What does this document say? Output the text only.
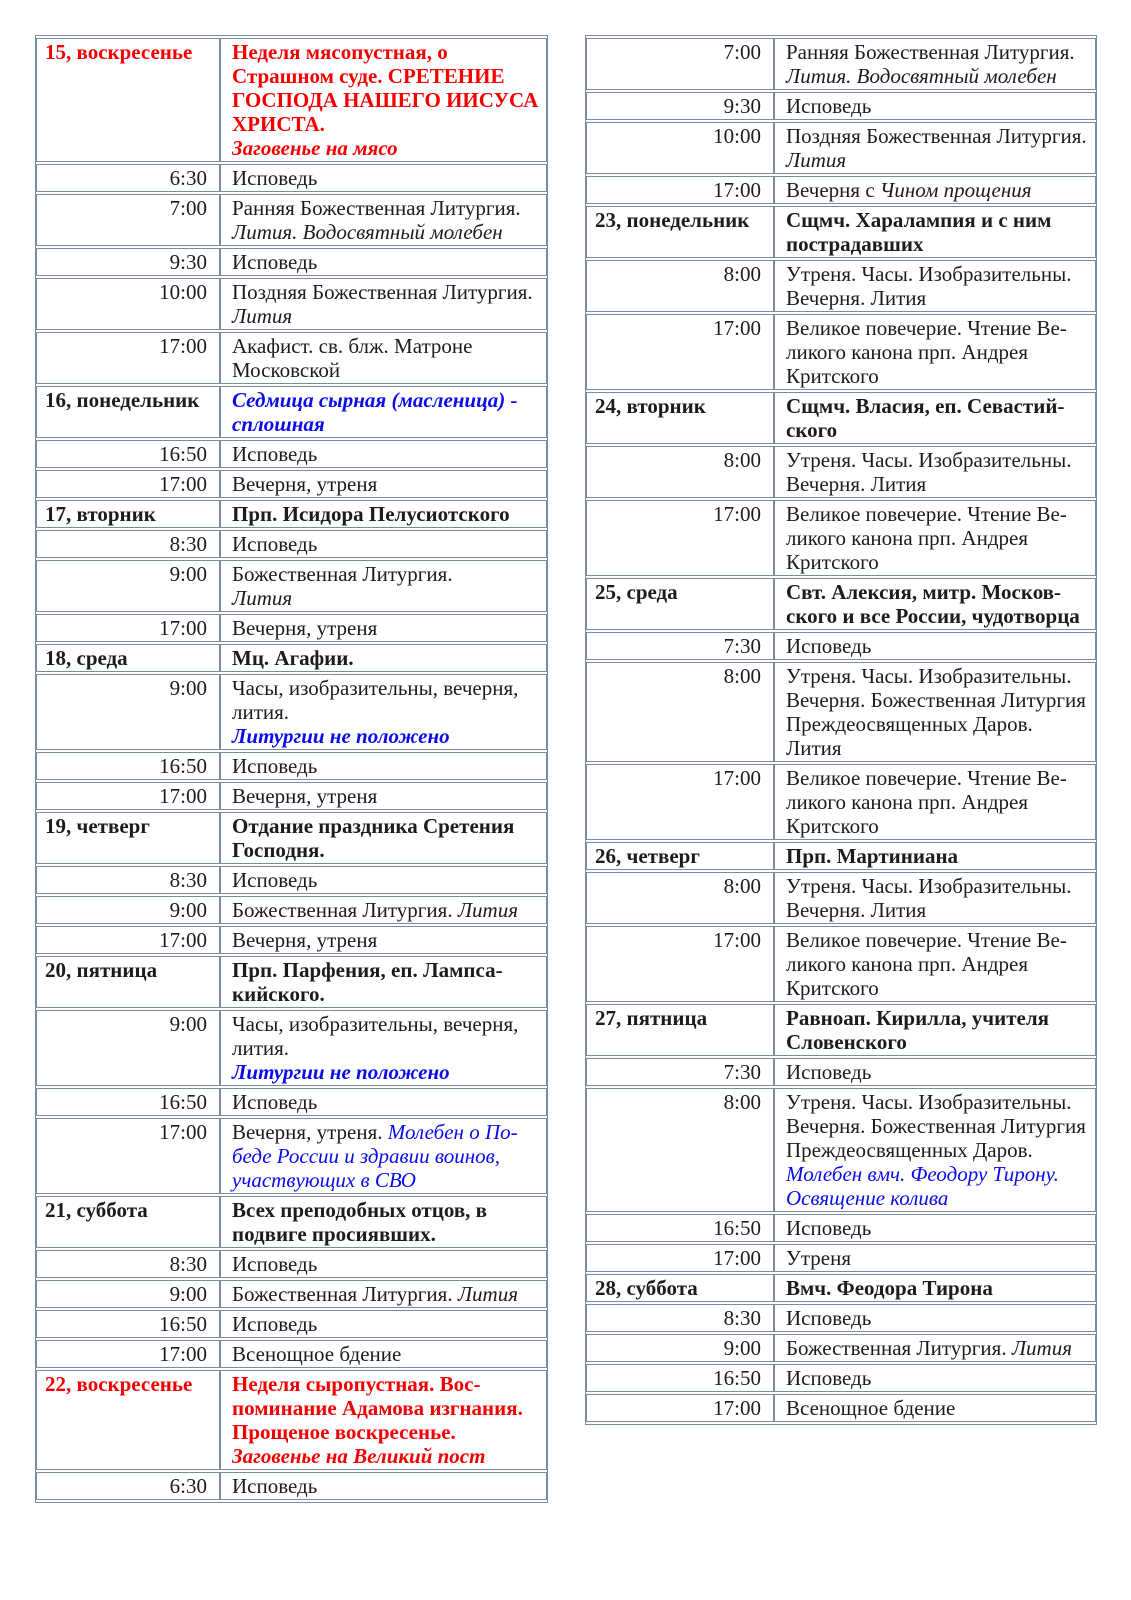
15, воскресенье	Неделя мясопустная, о Страшном суде. СРЕТЕНИЕ ГОСПОДА НАШЕГО ИИСУСА ХРИСТА.
Заговенье на мясо

6:30	Исповедь

7:00	Ранняя Божественная Литургия. Лития. Водосвятный молебен

9:30	Исповедь

10:00	Поздняя Божественная Литургия. Лития

17:00	Акафист. св. блж. Матроне Московской

16, понедельник	Седмица сырная (масленица) - сплошная

16:50	Исповедь

17:00	Вечерня, утреня

17, вторник	Прп. Исидора Пелусиотского

8:30	Исповедь

9:00	Божественная Литургия.
Лития

17:00	Вечерня, утреня

18, среда	Мц. Агафии.

9:00	Часы, изобразительны, вечерня, лития.
Литургии не положено

16:50	Исповедь

17:00	Вечерня, утреня

19, четверг	Отдание праздника Сретения Господня.

8:30	Исповедь

9:00	Божественная Литургия. Лития

17:00	Вечерня, утреня

20, пятница	Прп. Парфения, еп. Лампсакийского.

9:00	Часы, изобразительны, вечерня, лития.
Литургии не положено

16:50	Исповедь

17:00	Вечерня, утреня. Молебен о Победе России и здравии воинов, участвующих в СВО

21, суббота	Всех преподобных отцов, в подвиге просиявших.

8:30	Исповедь

9:00	Божественная Литургия. Лития

16:50	Исповедь

17:00	Всенощное бдение

22, воскресенье	Неделя сыропустная. Воспоминание Адамова изгнания. Прощеное воскресенье.
Заговенье на Великий пост

6:30	Исповедь
7:00	Ранняя Божественная Литургия. Лития. Водосвятный молебен

9:30	Исповедь

10:00	Поздняя Божественная Литургия. Лития

17:00	Вечерня с Чином прощения

23, понедельник	Сщмч. Харалампия и с ним пострадавших

8:00	Утреня. Часы. Изобразительны. Вечерня. Лития

17:00	Великое повечерие. Чтение Великого канона прп. Андрея Критского

24, вторник	Сщмч. Власия, еп. Севастийского

8:00	Утреня. Часы. Изобразительны. Вечерня. Лития

17:00	Великое повечерие. Чтение Великого канона прп. Андрея Критского

25, среда	Свт. Алексия, митр. Московского и все России, чудотворца

7:30	Исповедь

8:00	Утреня. Часы. Изобразительны. Вечерня. Божественная Литургия Преждеосвященных Даров. Лития

17:00	Великое повечерие. Чтение Великого канона прп. Андрея Критского

26, четверг	Прп. Мартиниана

8:00	Утреня. Часы. Изобразительны. Вечерня. Лития

17:00	Великое повечерие. Чтение Великого канона прп. Андрея Критского

27, пятница	Равноап. Кирилла, учителя Словенского

7:30	Исповедь

8:00	Утреня. Часы. Изобразительны. Вечерня. Божественная Литургия Преждеосвященных Даров. Молебен вмч. Феодору Тирону. Освящение колива

16:50	Исповедь

17:00	Утреня

28, суббота	Вмч. Феодора Тирона

8:30	Исповедь

9:00	Божественная Литургия. Лития

16:50	Исповедь

17:00	Всенощное бдение
